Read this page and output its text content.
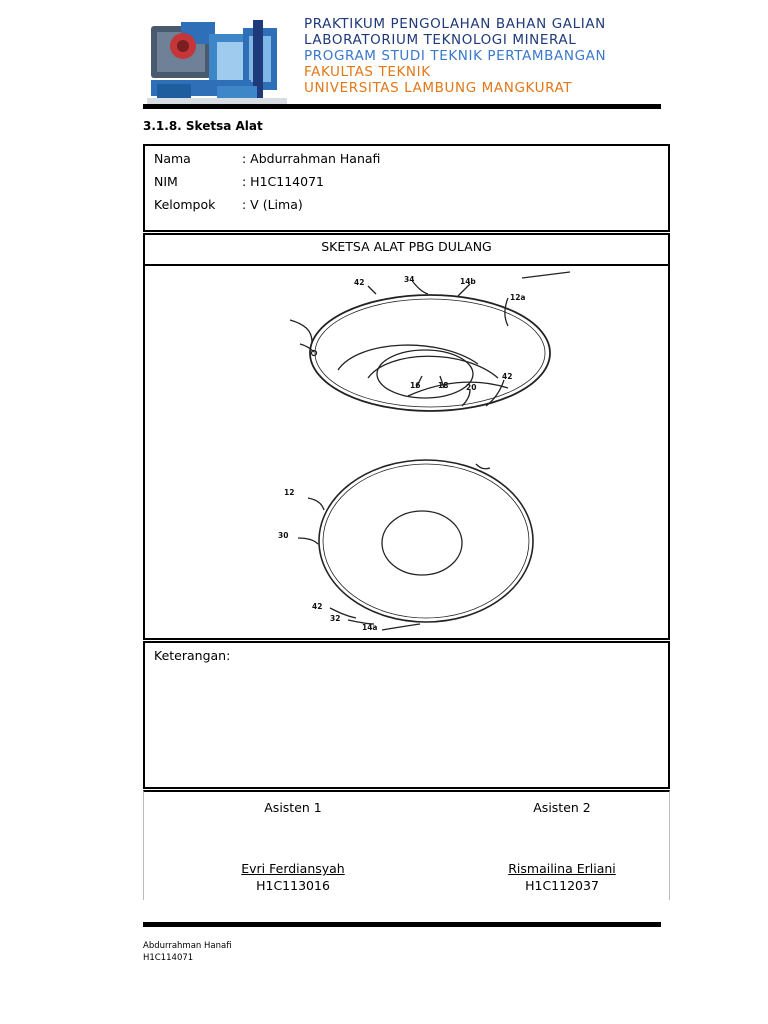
PRAKTIKUM PENGOLAHAN BAHAN GALIAN
LABORATORIUM TEKNOLOGI MINERAL
PROGRAM STUDI TEKNIK PERTAMBANGAN
FAKULTAS TEKNIK
UNIVERSITAS LAMBUNG MANGKURAT
3.1.8. Sketsa Alat
Nama	: Abdurrahman Hanafi
NIM	: H1C114071
Kelompok : V (Lima)
SKETSA ALAT PBG DULANG
42	34	14b
12a
16 18 20
42
12
30
42
32
14a
Keterangan:
Asisten 1
Evri Ferdiansyah
H1C113016
Asisten 2
Rismailina Erliani
H1C112037
Abdurrahman Hanafi
H1C114071
